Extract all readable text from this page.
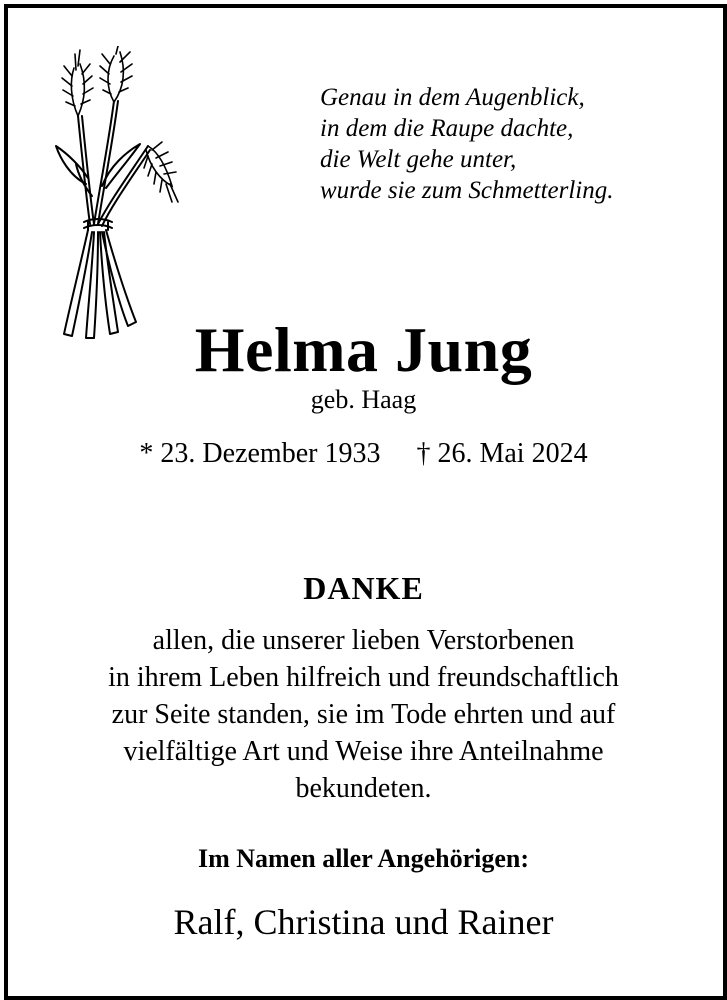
Genau in dem Augenblick,
in dem die Raupe dachte,
die Welt gehe unter,
wurde sie zum Schmetterling.
Helma Jung
geb. Haag
* 23. Dezember 1933 † 26. Mai 2024
DANKE
allen, die unserer lieben Verstorbenen
in ihrem Leben hilfreich und freundschaftlich
zur Seite standen, sie im Tode ehrten und auf
vielfältige Art und Weise ihre Anteilnahme
bekundeten.
Im Namen aller Angehörigen:
Ralf, Christina und Rainer
